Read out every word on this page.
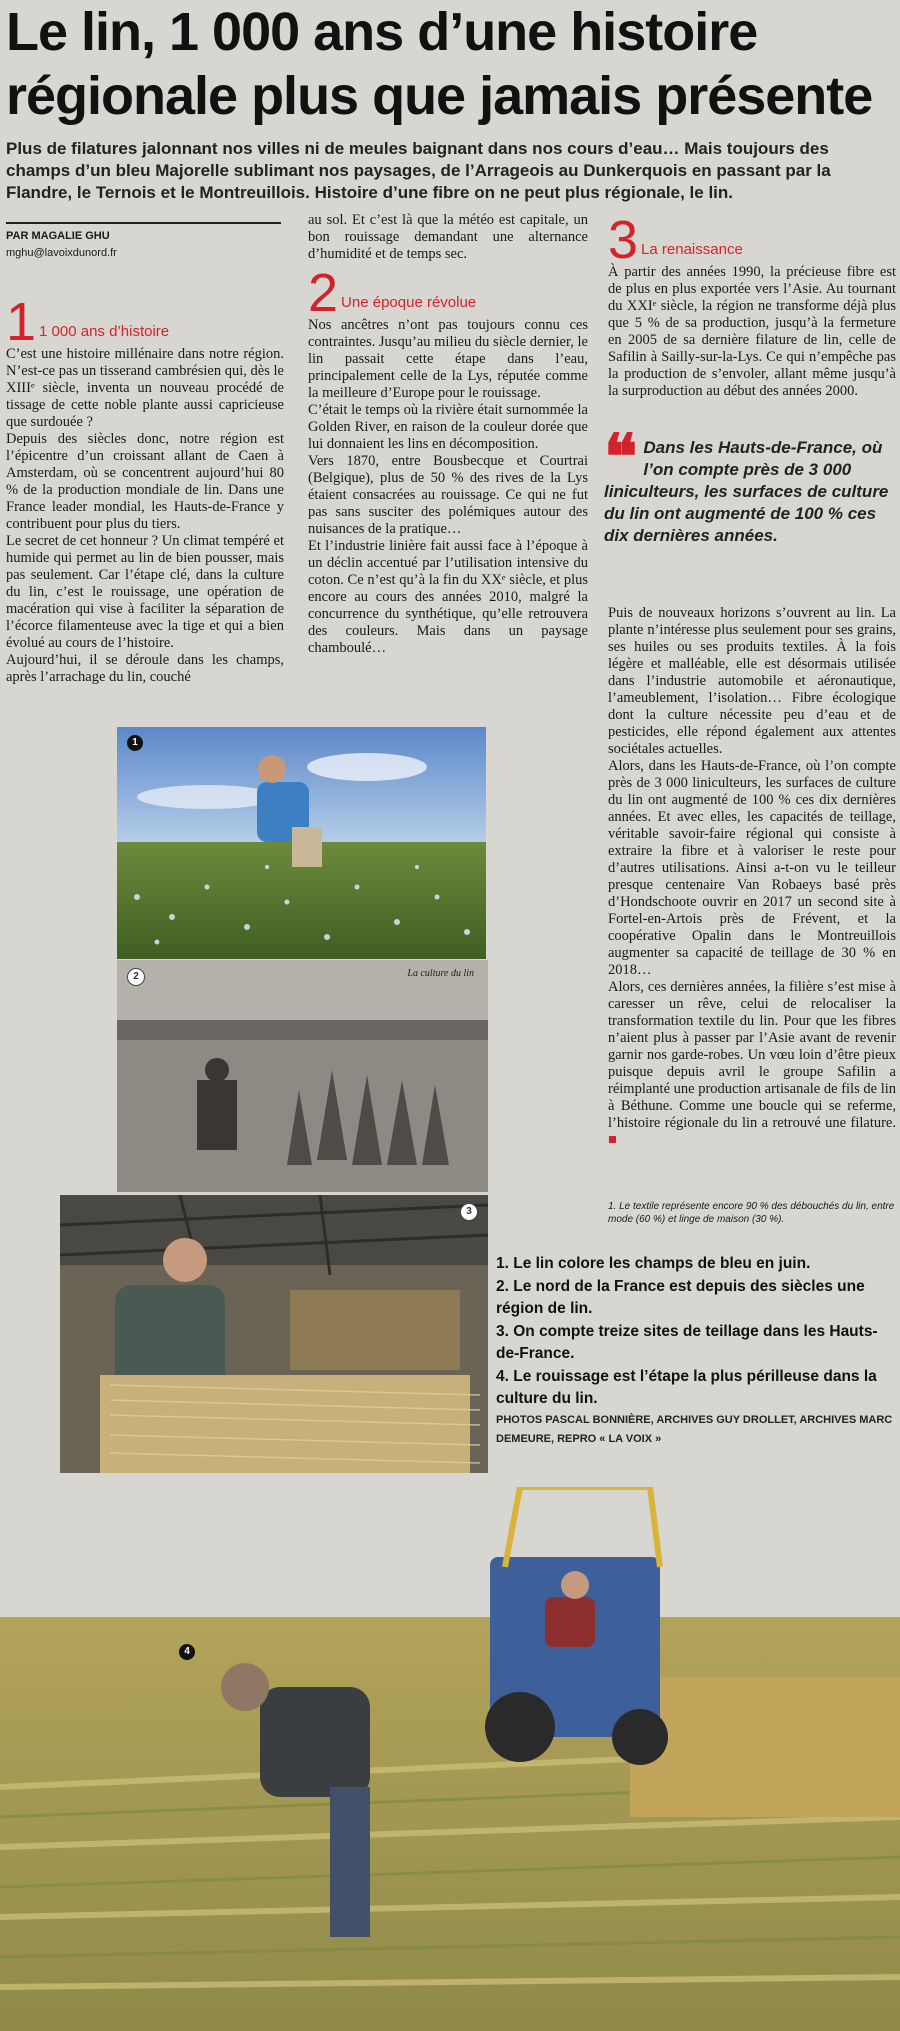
Le lin, 1 000 ans d’une histoire régionale plus que jamais présente

Plus de filatures jalonnant nos villes ni de meules baignant dans nos cours d’eau… Mais toujours des champs d’un bleu Majorelle sublimant nos paysages, de l’Arrageois au Dunkerquois en passant par la Flandre, le Ternois et le Montreuillois. Histoire d’une fibre on ne peut plus régionale, le lin.

PAR MAGALIE GHU
mghu@lavoixdunord.fr
1 1 000 ans d’histoire

C’est une histoire millénaire dans notre région. N’est-ce pas un tisserand cambrésien qui, dès le XIIIᵉ siècle, inventa un nouveau procédé de tissage de cette noble plante aussi capricieuse que surdouée ?

Depuis des siècles donc, notre région est l’épicentre d’un croissant allant de Caen à Amsterdam, où se concentrent aujourd’hui 80 % de la production mondiale de lin. Dans une France leader mondial, les Hauts-de-France y contribuent pour plus du tiers.

Le secret de cet honneur ? Un climat tempéré et humide qui permet au lin de bien pousser, mais pas seulement. Car l’étape clé, dans la culture du lin, c’est le rouissage, une opération de macération qui vise à faciliter la séparation de l’écorce filamenteuse avec la tige et qui a bien évolué au cours de l’histoire.

Aujourd’hui, il se déroule dans les champs, après l’arrachage du lin, couché

au sol. Et c’est là que la météo est capitale, un bon rouissage demandant une alternance d’humidité et de temps sec.

2 Une époque révolue

Nos ancêtres n’ont pas toujours connu ces contraintes. Jusqu’au milieu du siècle dernier, le lin passait cette étape dans l’eau, principalement celle de la Lys, réputée comme la meilleure d’Europe pour le rouissage.

C’était le temps où la rivière était surnommée la Golden River, en raison de la couleur dorée que lui donnaient les lins en décomposition.

Vers 1870, entre Bousbecque et Courtrai (Belgique), plus de 50 % des rives de la Lys étaient consacrées au rouissage. Ce qui ne fut pas sans susciter des polémiques autour des nuisances de la pratique…

Et l’industrie linière fait aussi face à l’époque à un déclin accentué par l’utilisation intensive du coton. Ce n’est qu’à la fin du XXᵉ siècle, et plus encore au cours des années 2010, malgré la concurrence du synthétique, qu’elle retrouvera des couleurs. Mais dans un paysage chamboulé…

3 La renaissance

À partir des années 1990, la précieuse fibre est de plus en plus exportée vers l’Asie. Au tournant du XXIᵉ siècle, la région ne transforme déjà plus que 5 % de sa production, jusqu’à la fermeture en 2005 de sa dernière filature de lin, celle de Safilin à Sailly-sur-la-Lys. Ce qui n’empêche pas la production de s’envoler, allant même jusqu’à la surproduction au début des années 2000.

❝ Dans les Hauts-de-France, où l’on compte près de 3 000 liniculteurs, les surfaces de culture du lin ont augmenté de 100 % ces dix dernières années.

Puis de nouveaux horizons s’ouvrent au lin. La plante n’intéresse plus seulement pour ses grains, ses huiles ou ses produits textiles. À la fois légère et malléable, elle est désormais utilisée dans l’industrie automobile et aéronautique, l’ameublement, l’isolation… Fibre écologique dont la culture nécessite peu d’eau et de pesticides, elle répond également aux attentes sociétales actuelles.

Alors, dans les Hauts-de-France, où l’on compte près de 3 000 liniculteurs, les surfaces de culture du lin ont augmenté de 100 % ces dix dernières années. Et avec elles, les capacités de teillage, véritable savoir-faire régional qui consiste à extraire la fibre et à valoriser le reste pour d’autres utilisations. Ainsi a-t-on vu le teilleur presque centenaire Van Robaeys basé près d’Hondschoote ouvrir en 2017 un second site à Fortel-en-Artois près de Frévent, et la coopérative Opalin dans le Montreuillois augmenter sa capacité de teillage de 30 % en 2018…

Alors, ces dernières années, la filière s’est mise à caresser un rêve, celui de relocaliser la transformation textile du lin. Pour que les fibres n’aient plus à passer par l’Asie avant de revenir garnir nos garde-robes. Un vœu loin d’être pieux puisque depuis avril le groupe Safilin a réimplanté une production artisanale de fils de lin à Béthune. Comme une boucle qui se referme, l’histoire régionale du lin a retrouvé une filature. ■

1. Le textile représente encore 90 % des débouchés du lin, entre mode (60 %) et linge de maison (30 %).
1
2	La culture du lin
3

1. Le lin colore les champs de bleu en juin.

2. Le nord de la France est depuis des siècles une région de lin.

3. On compte treize sites de teillage dans les Hauts-de-France.

4. Le rouissage est l’étape la plus périlleuse dans la culture du lin.

PHOTOS PASCAL BONNIÈRE, ARCHIVES GUY DROLLET, ARCHIVES MARC DEMEURE, REPRO « LA VOIX »
4
